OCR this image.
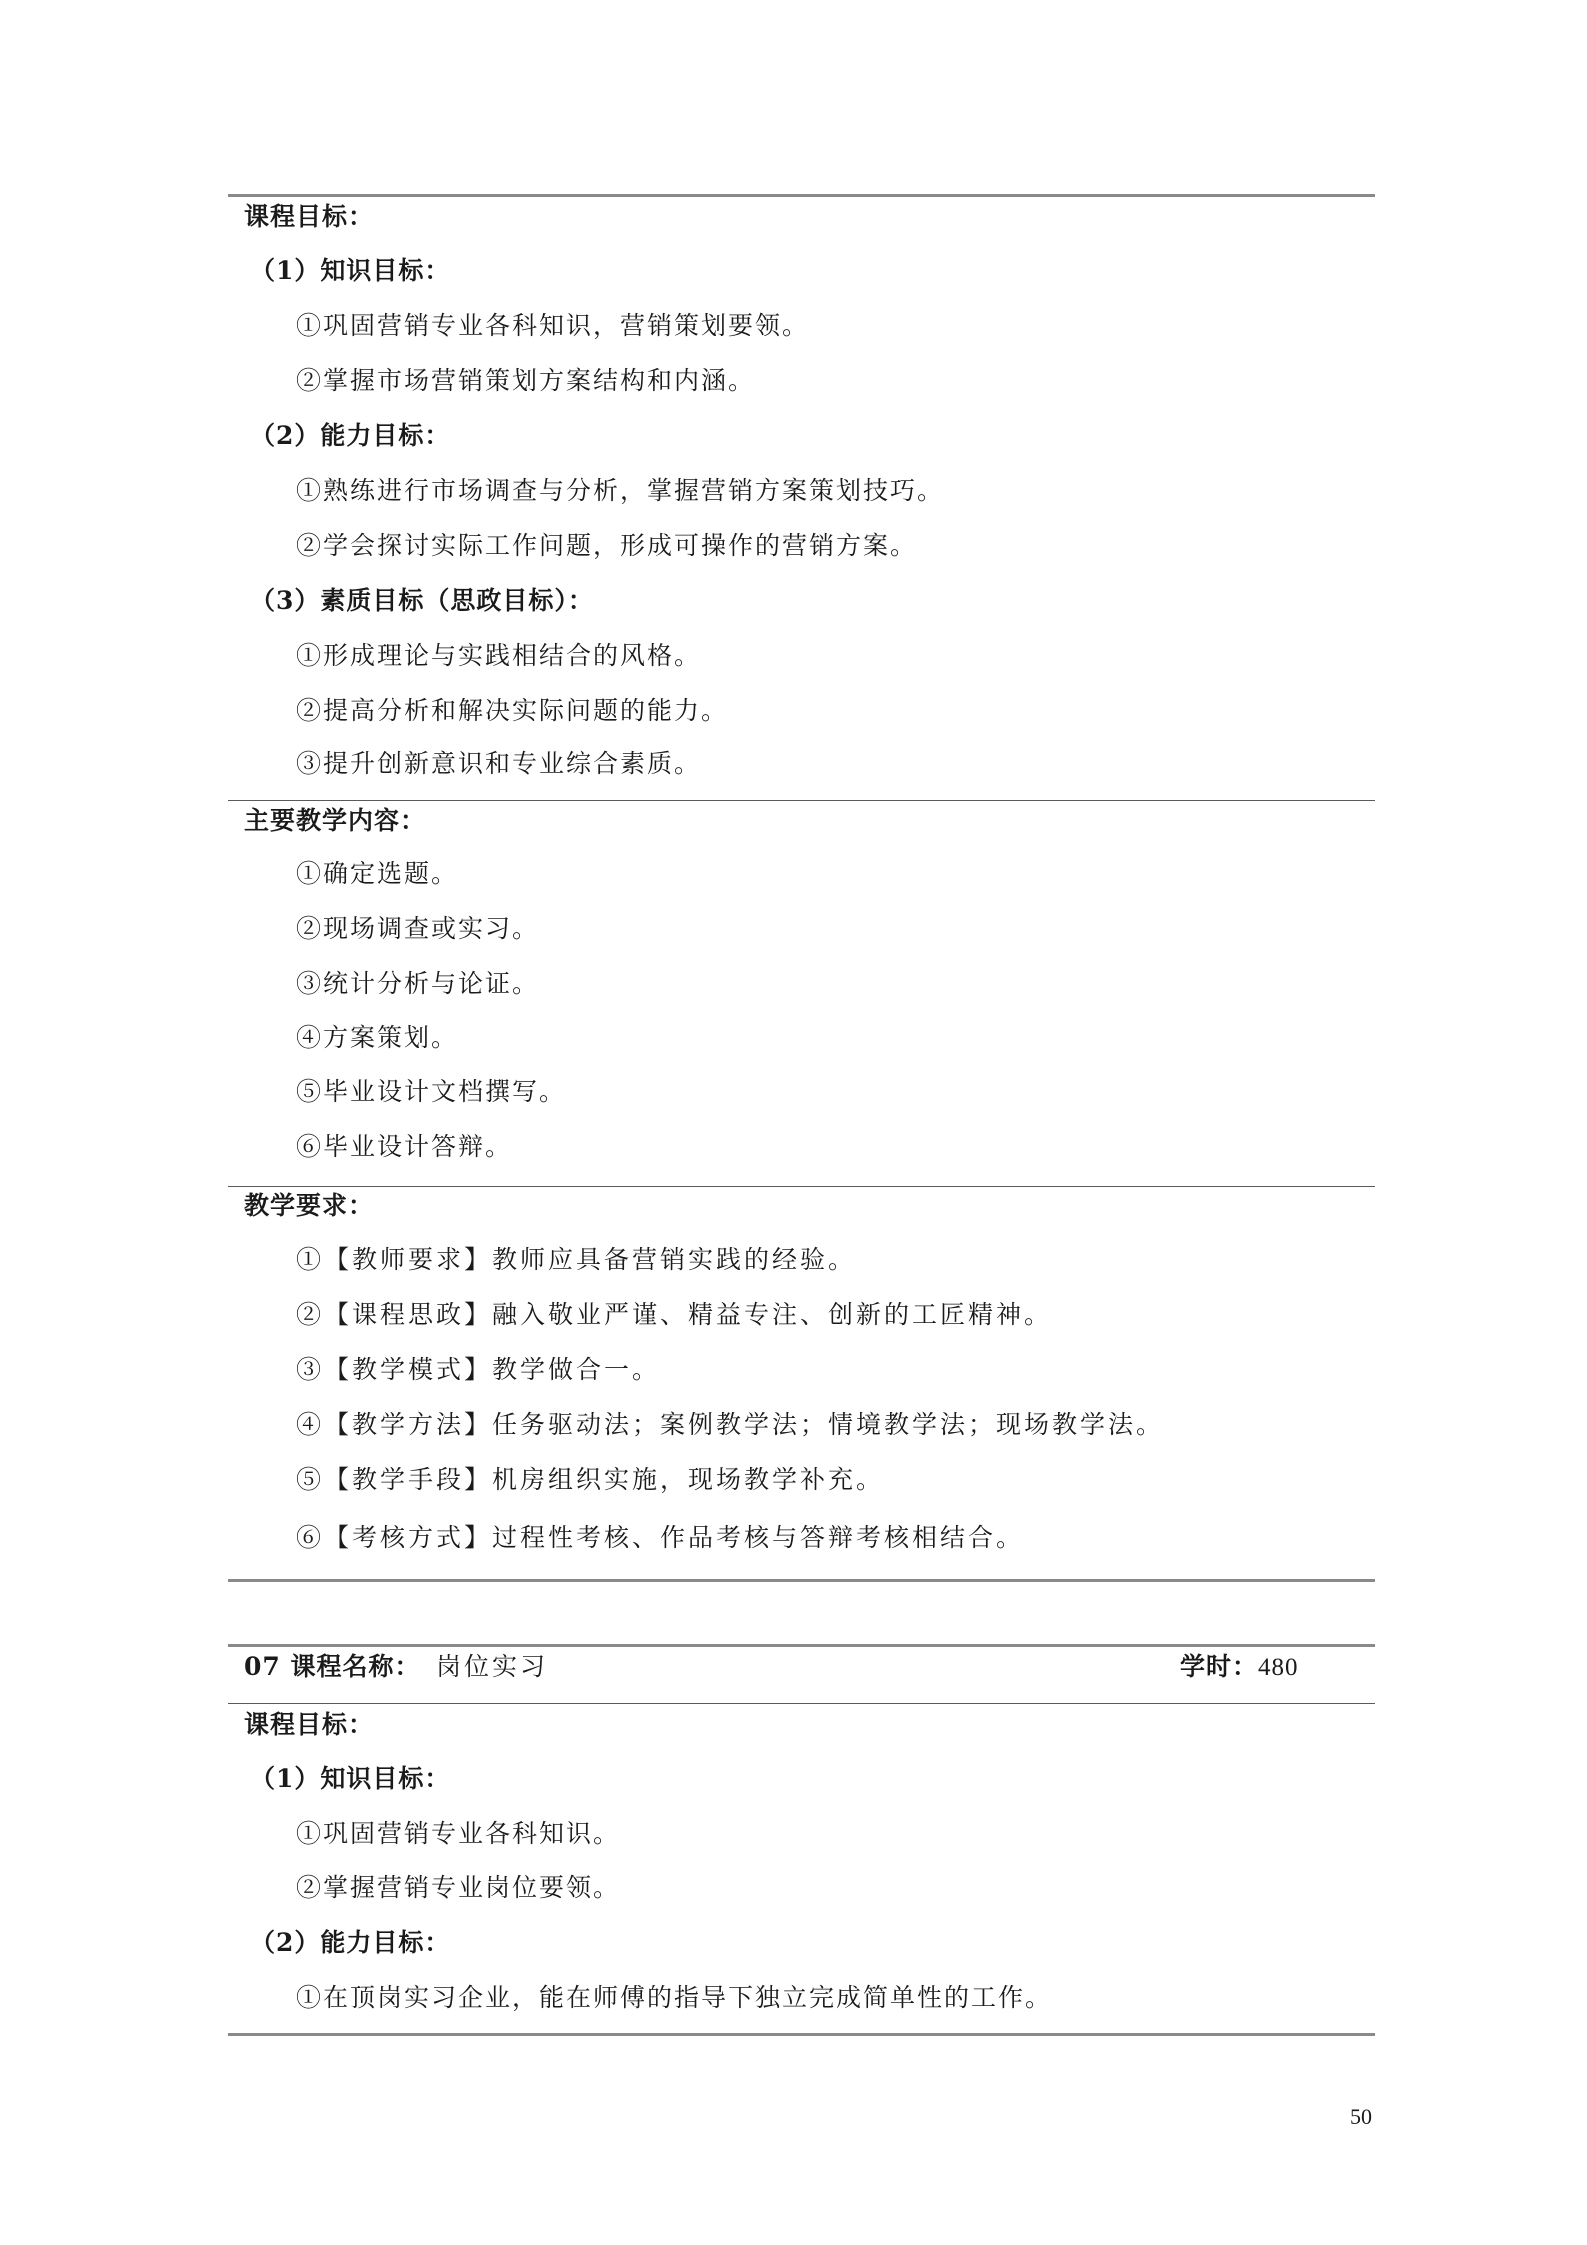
课程目标：
（1）知识目标：
①巩固营销专业各科知识，营销策划要领。
②掌握市场营销策划方案结构和内涵。
（2）能力目标：
①熟练进行市场调查与分析，掌握营销方案策划技巧。
②学会探讨实际工作问题，形成可操作的营销方案。
（3）素质目标（思政目标）：
①形成理论与实践相结合的风格。
②提高分析和解决实际问题的能力。
③提升创新意识和专业综合素质。
主要教学内容：
①确定选题。
②现场调查或实习。
③统计分析与论证。
④方案策划。
⑤毕业设计文档撰写。
⑥毕业设计答辩。
教学要求：
①【教师要求】教师应具备营销实践的经验。
②【课程思政】融入敬业严谨、精益专注、创新的工匠精神。
③【教学模式】教学做合一。
④【教学方法】任务驱动法；案例教学法；情境教学法；现场教学法。
⑤【教学手段】机房组织实施，现场教学补充。
⑥【考核方式】过程性考核、作品考核与答辩考核相结合。
07 课程名称： 岗位实习	学时：480
课程目标：
（1）知识目标：
①巩固营销专业各科知识。
②掌握营销专业岗位要领。
（2）能力目标：
①在顶岗实习企业，能在师傅的指导下独立完成简单性的工作。
50
